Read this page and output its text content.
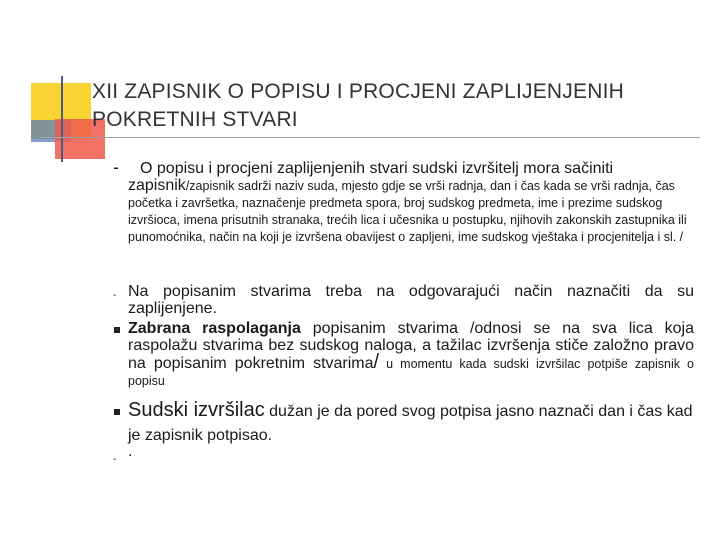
XII ZAPISNIK O POPISU I PROCJENI ZAPLIJENJENIH POKRETNIH STVARI
-	O popisu i procjeni zaplijenjenih stvari sudski izvršitelj mora sačiniti zapisnik/zapisnik sadrži naziv suda, mjesto gdje se vrši radnja, dan i čas kada se vrši radnja, čas početka i završetka, naznačenje predmeta spora, broj sudskog predmeta, ime i prezime sudskog izvršioca, imena prisutnih stranaka, trećih lica i učesnika u postupku, njihovih zakonskih zastupnika ili punomoćnika, način na koji je izvršena obavijest o zapljeni, ime sudskog vještaka i procjenitelja i sl. /
- Na popisanim stvarima treba na odgovarajući način naznačiti da su zaplijenjene.
Zabrana raspolaganja popisanim stvarima /odnosi se na sva lica koja raspolažu stvarima bez sudskog naloga, a tažilac izvršenja stiče založno pravo na popisanim pokretnim stvarima/ u momentu kada sudski izvršilac potpiše zapisnik o popisu
Sudski izvršilac dužan je da pored svog potpisa jasno naznači dan i čas kad je zapisnik potpisao.
- .
